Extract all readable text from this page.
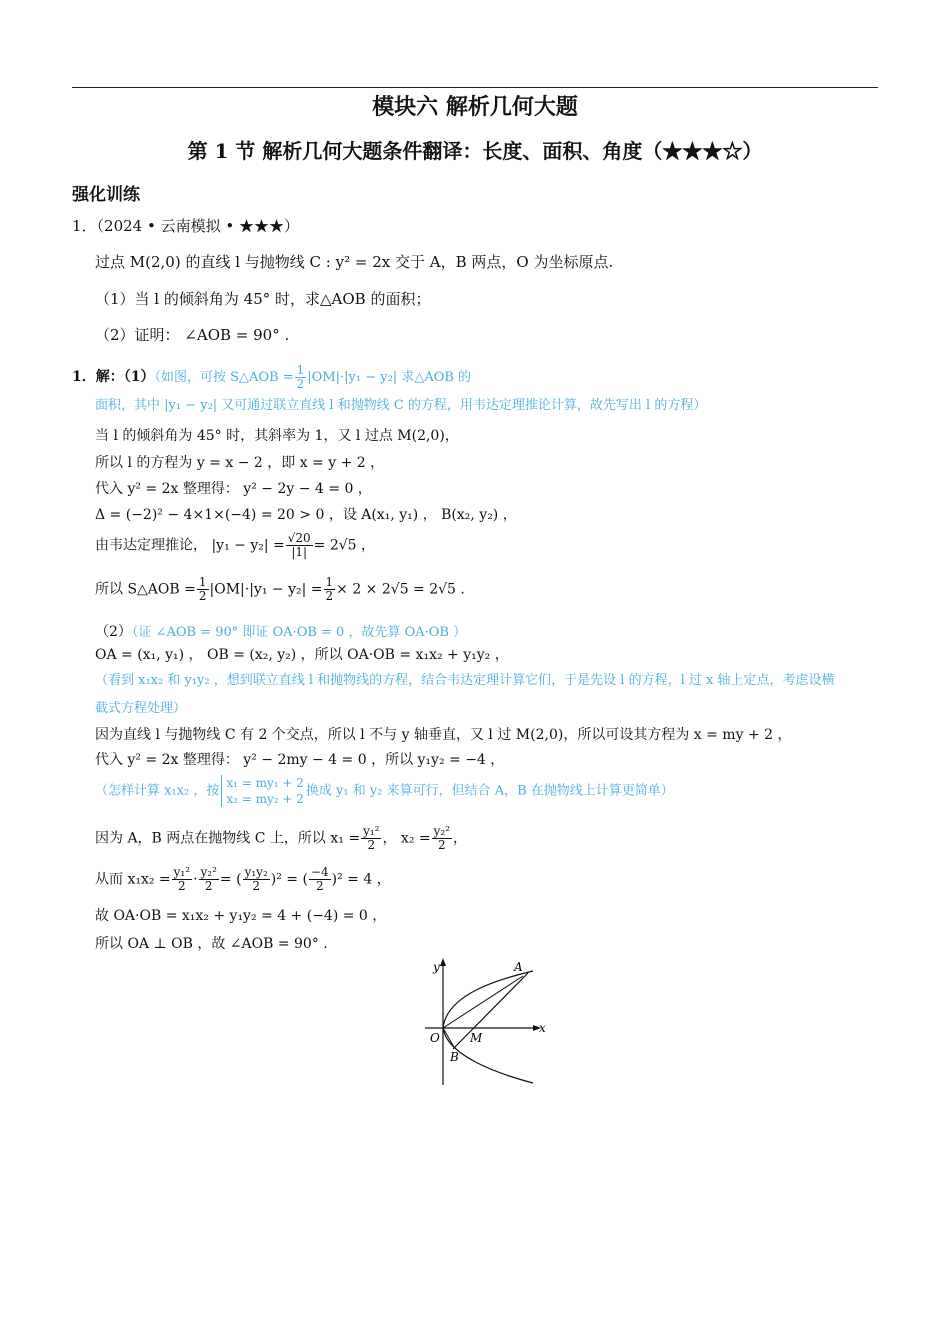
模块六 解析几何大题
第 1 节 解析几何大题条件翻译：长度、面积、角度（★★★☆）
强化训练
1．（2024 • 云南模拟 • ★★★）
过点 M(2,0) 的直线 l 与抛物线 C : y² = 2x 交于 A，B 两点，O 为坐标原点.
（1）当 l 的倾斜角为 45° 时，求△AOB 的面积；
（2）证明： ∠AOB = 90° .
1．解：（1）（如图，可按 S△AOB = $\frac{1}{2} |OM|\cdot|y_1 - y_2|$ 求△AOB 的
面积，其中 |y₁ − y₂| 又可通过联立直线 l 和抛物线 C 的方程，用韦达定理推论计算，故先写出 l 的方程）
当 l 的倾斜角为 45° 时，其斜率为 1，又 l 过点 M(2,0)，
所以 l 的方程为 y = x − 2 ，即 x = y + 2 ，
代入 y² = 2x 整理得： y² − 2y − 4 = 0 ，
Δ = (−2)² − 4×1×(−4) = 20 > 0 ，设 A(x₁, y₁) ， B(x₂, y₂) ，
由韦达定理推论， $|y_1 - y_2| = \frac{√20}{|1|} = 2√5$ ，
所以 S△AOB = $\frac{1}{2} |OM|\cdot|y_1 - y_2| = \frac{1}{2} \times 2 \times 2√5 = 2√5$ .
（2）（证 ∠AOB = 90° 即证 OA·OB = 0 ，故先算 OA·OB ）
OA = (x₁, y₁) ， OB = (x₂, y₂) ，所以 OA·OB = x₁x₂ + y₁y₂ ，
（看到 x₁x₂ 和 y₁y₂ ，想到联立直线 l 和抛物线的方程，结合韦达定理计算它们，于是先设 l 的方程，l 过 x 轴上定点，考虑设横
截式方程处理）
因为直线 l 与抛物线 C 有 2 个交点，所以 l 不与 y 轴垂直，又 l 过 M(2,0)，所以可设其方程为 x = my + 2 ，
代入 y² = 2x 整理得： y² − 2my − 4 = 0 ，所以 y₁y₂ = −4 ，
（怎样计算 x₁x₂ ，按
x₁ = my₁ + 2
x₂ = my₂ + 2
换成 y₁ 和 y₂ 来算可行，但结合 A，B 在抛物线上计算更简单）
因为 A，B 两点在抛物线 C 上，所以 $x_1 = \frac{\text{y₁²}}{2}$ ， $x_2 = \frac{\text{y₂²}}{2}$ ，
从而 $x_1x_2 = \frac{\text{y₁²}}{2} \cdot \frac{\text{y₂²}}{2}$ = ( $\frac{\text{y₁y₂}}{2} )^2$ = ( $\frac{-4}{2} )^2 = 4$ ，
故 OA·OB = x₁x₂ + y₁y₂ = 4 + (−4) = 0 ，
所以 OA ⊥ OB ，故 ∠AOB = 90° .
y
x
A
O	M
B
